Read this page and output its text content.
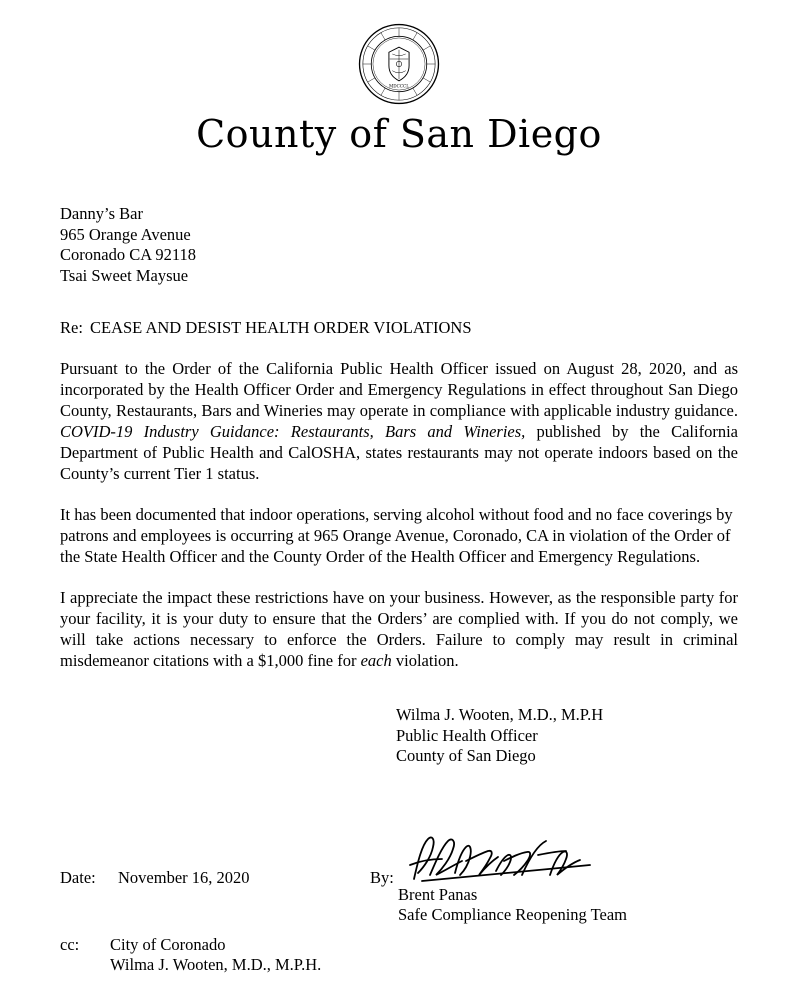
MDCCCL
County of San Diego
Danny’s Bar
965 Orange Avenue
Coronado CA 92118
Tsai Sweet Maysue
Re: CEASE AND DESIST HEALTH ORDER VIOLATIONS
Pursuant to the Order of the California Public Health Officer issued on August 28, 2020, and as incorporated by the Health Officer Order and Emergency Regulations in effect throughout San Diego County, Restaurants, Bars and Wineries may operate in compliance with applicable industry guidance. COVID-19 Industry Guidance: Restaurants, Bars and Wineries, published by the California Department of Public Health and CalOSHA, states restaurants may not operate indoors based on the County’s current Tier 1 status.
It has been documented that indoor operations, serving alcohol without food and no face coverings by patrons and employees is occurring at 965 Orange Avenue, Coronado, CA in violation of the Order of the State Health Officer and the County Order of the Health Officer and Emergency Regulations.
I appreciate the impact these restrictions have on your business. However, as the responsible party for your facility, it is your duty to ensure that the Orders’ are complied with. If you do not comply, we will take actions necessary to enforce the Orders. Failure to comply may result in criminal misdemeanor citations with a $1,000 fine for each violation.
Wilma J. Wooten, M.D., M.P.H
Public Health Officer
County of San Diego
Date: November 16, 2020	By:
Brent Panas
Safe Compliance Reopening Team
cc: City of Coronado
Wilma J. Wooten, M.D., M.P.H.
